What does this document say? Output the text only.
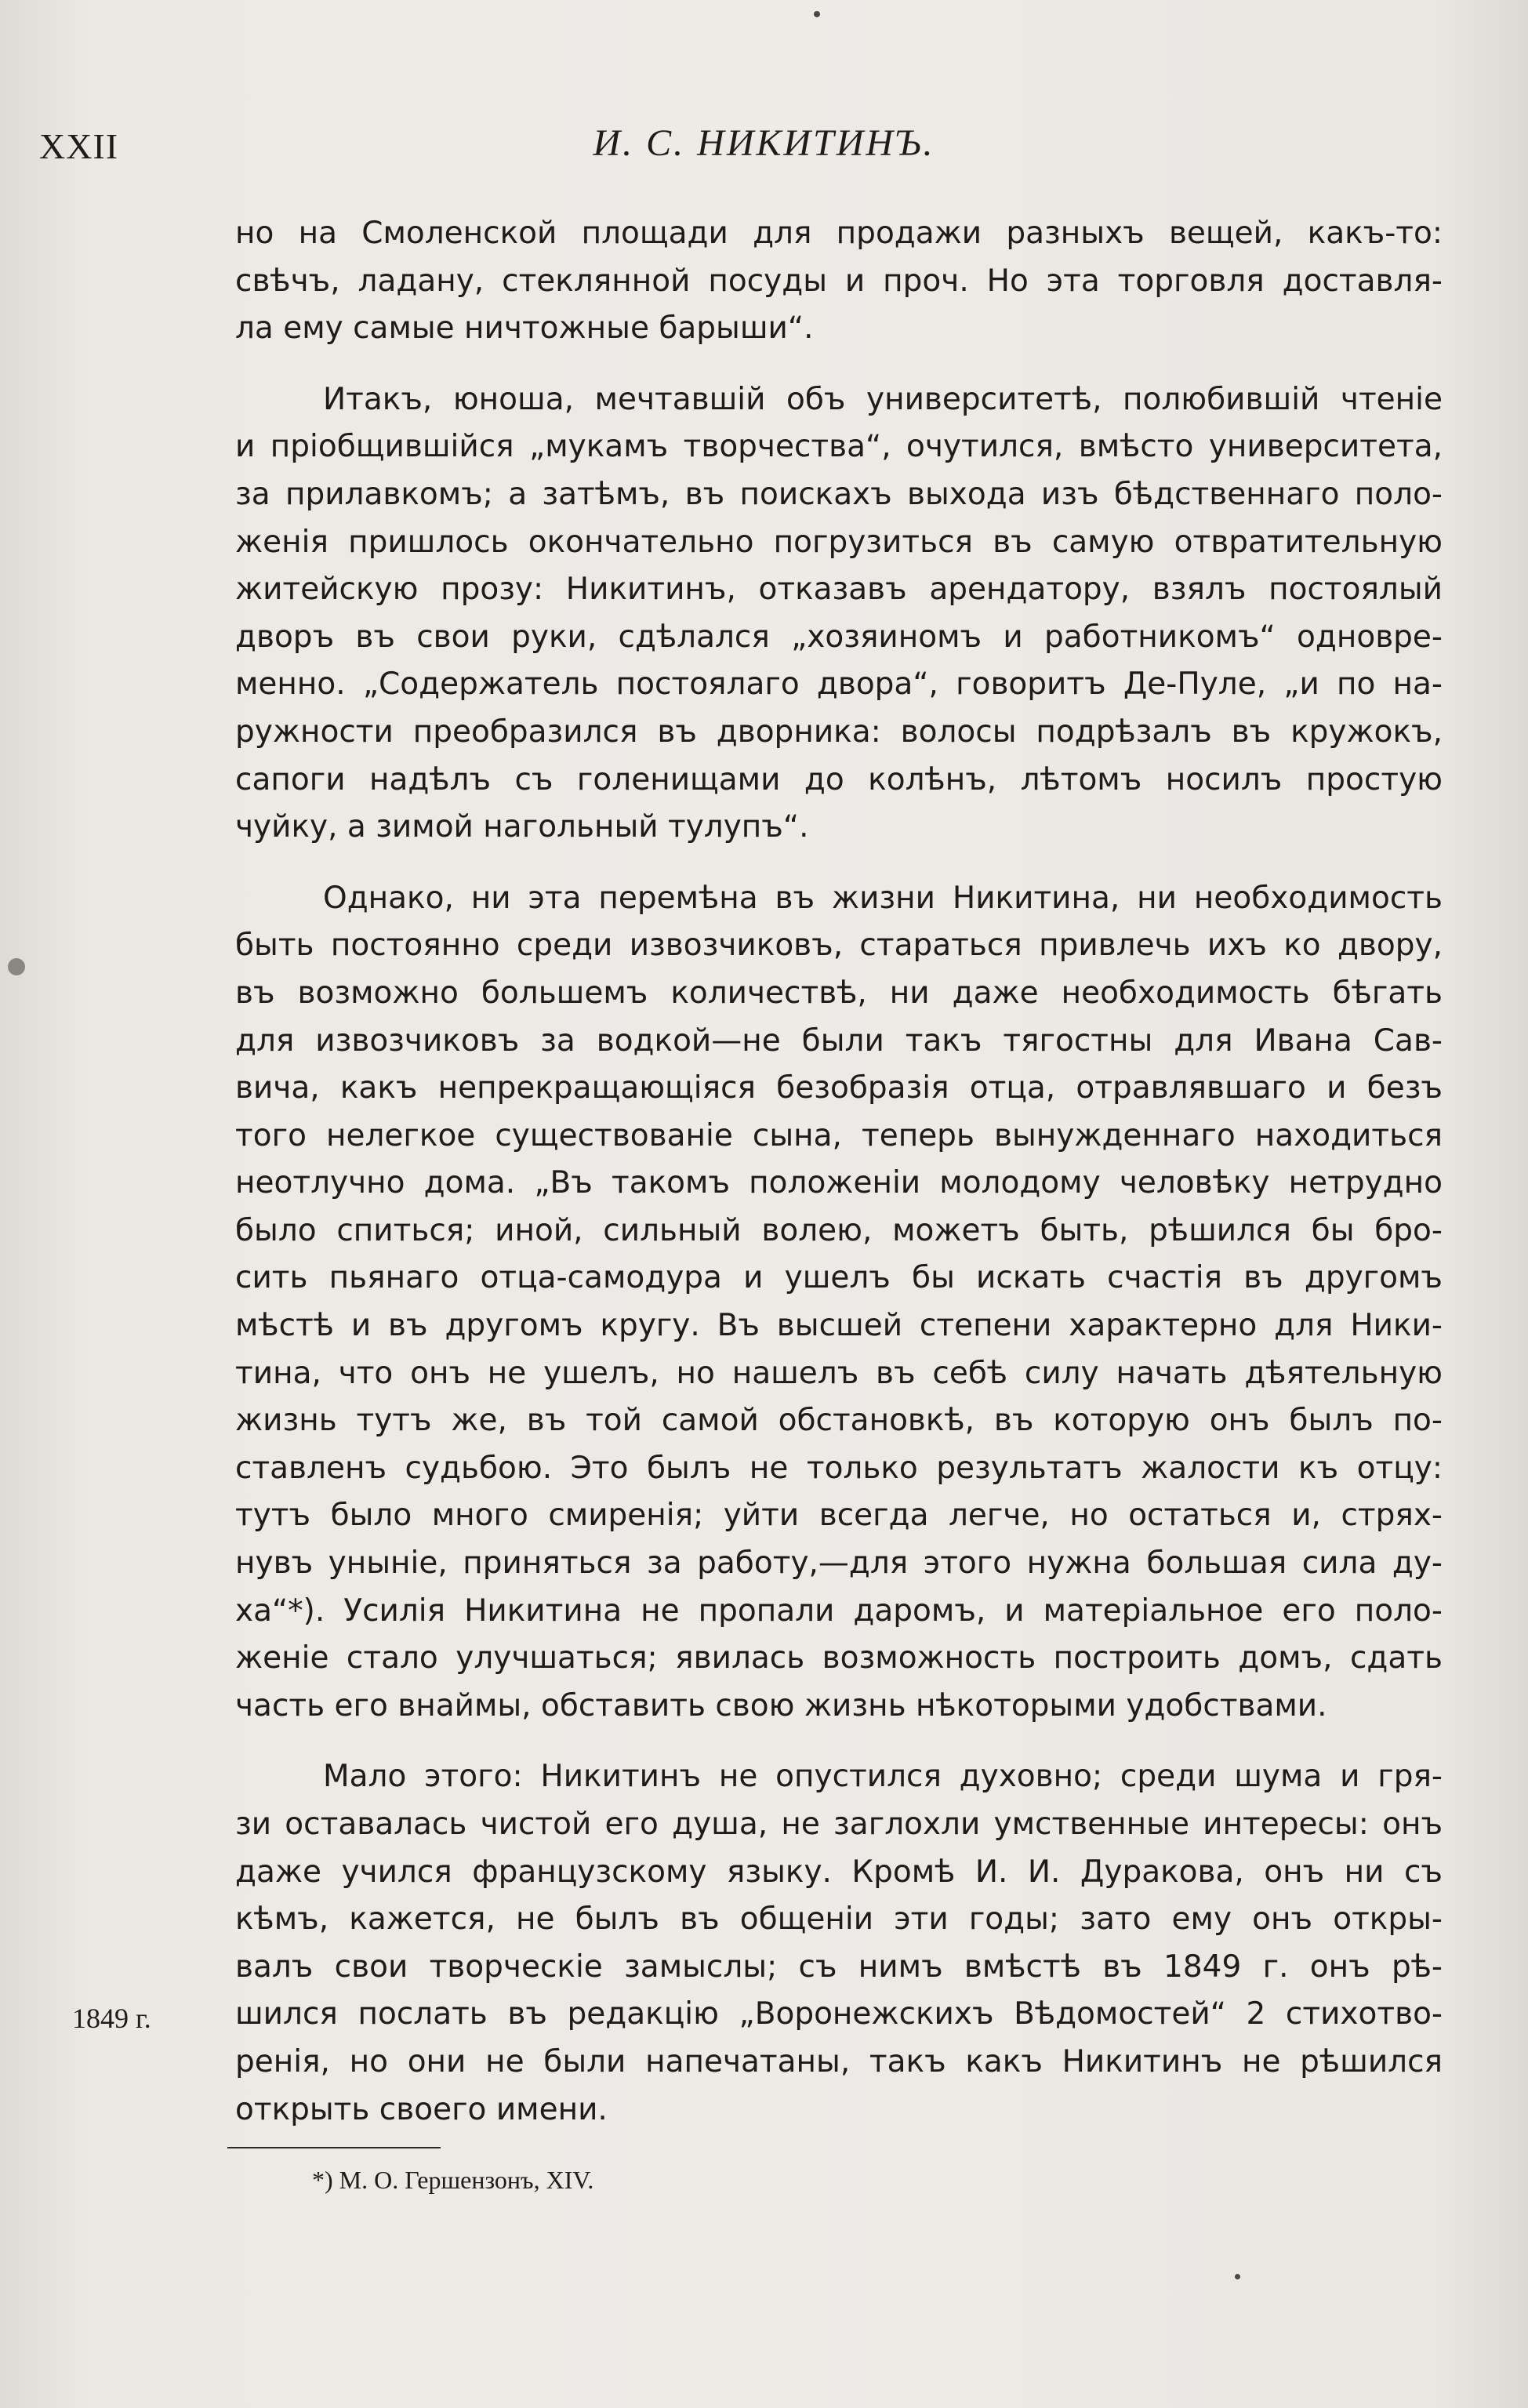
XXII	И. С. НИКИТИНЪ.

но на Смоленской площади для продажи разныхъ вещей, какъ-то:
свѣчъ, ладану, стеклянной посуды и проч. Но эта торговля доставля-
ла ему самые ничтожные барыши“.

Итакъ, юноша, мечтавшій объ университетѣ, полюбившій чтеніе
и пріобщившійся „мукамъ творчества“, очутился, вмѣсто университета,
за прилавкомъ; а затѣмъ, въ поискахъ выхода изъ бѣдственнаго поло-
женія пришлось окончательно погрузиться въ самую отвратительную
житейскую прозу: Никитинъ, отказавъ арендатору, взялъ постоялый
дворъ въ свои руки, сдѣлался „хозяиномъ и работникомъ“ одновре-
менно. „Содержатель постоялаго двора“, говоритъ Де-Пуле, „и по на-
ружности преобразился въ дворника: волосы подрѣзалъ въ кружокъ,
сапоги надѣлъ съ голенищами до колѣнъ, лѣтомъ носилъ простую
чуйку, а зимой нагольный тулупъ“.

Однако, ни эта перемѣна въ жизни Никитина, ни необходимость
быть постоянно среди извозчиковъ, стараться привлечь ихъ ко двору,
въ возможно большемъ количествѣ, ни даже необходимость бѣгать
для извозчиковъ за водкой—не были такъ тягостны для Ивана Сав-
вича, какъ непрекращающіяся безобразія отца, отравлявшаго и безъ
того нелегкое существованіе сына, теперь вынужденнаго находиться
неотлучно дома. „Въ такомъ положеніи молодому человѣку нетрудно
было спиться; иной, сильный волею, можетъ быть, рѣшился бы бро-
сить пьянаго отца-самодура и ушелъ бы искать счастія въ другомъ
мѣстѣ и въ другомъ кругу. Въ высшей степени характерно для Ники-
тина, что онъ не ушелъ, но нашелъ въ себѣ силу начать дѣятельную
жизнь тутъ же, въ той самой обстановкѣ, въ которую онъ былъ по-
ставленъ судьбою. Это былъ не только результатъ жалости къ отцу:
тутъ было много смиренія; уйти всегда легче, но остаться и, стрях-
нувъ уныніе, приняться за работу,—для этого нужна большая сила ду-
ха“*). Усилія Никитина не пропали даромъ, и матеріальное его поло-
женіе стало улучшаться; явилась возможность построить домъ, сдать
часть его внаймы, обставить свою жизнь нѣкоторыми удобствами.

Мало этого: Никитинъ не опустился духовно; среди шума и гря-
зи оставалась чистой его душа, не заглохли умственные интересы: онъ
даже учился французскому языку. Кромѣ И. И. Дуракова, онъ ни съ
кѣмъ, кажется, не былъ въ общеніи эти годы; зато ему онъ откры-
валъ свои творческіе замыслы; съ нимъ вмѣстѣ въ 1849 г. онъ рѣ-
шился послать въ редакцію „Воронежскихъ Вѣдомостей“ 2 стихотво-
ренія, но они не были напечатаны, такъ какъ Никитинъ не рѣшился
открыть своего имени.

1849 г.
*) М. О. Гершензонъ, XIV.
